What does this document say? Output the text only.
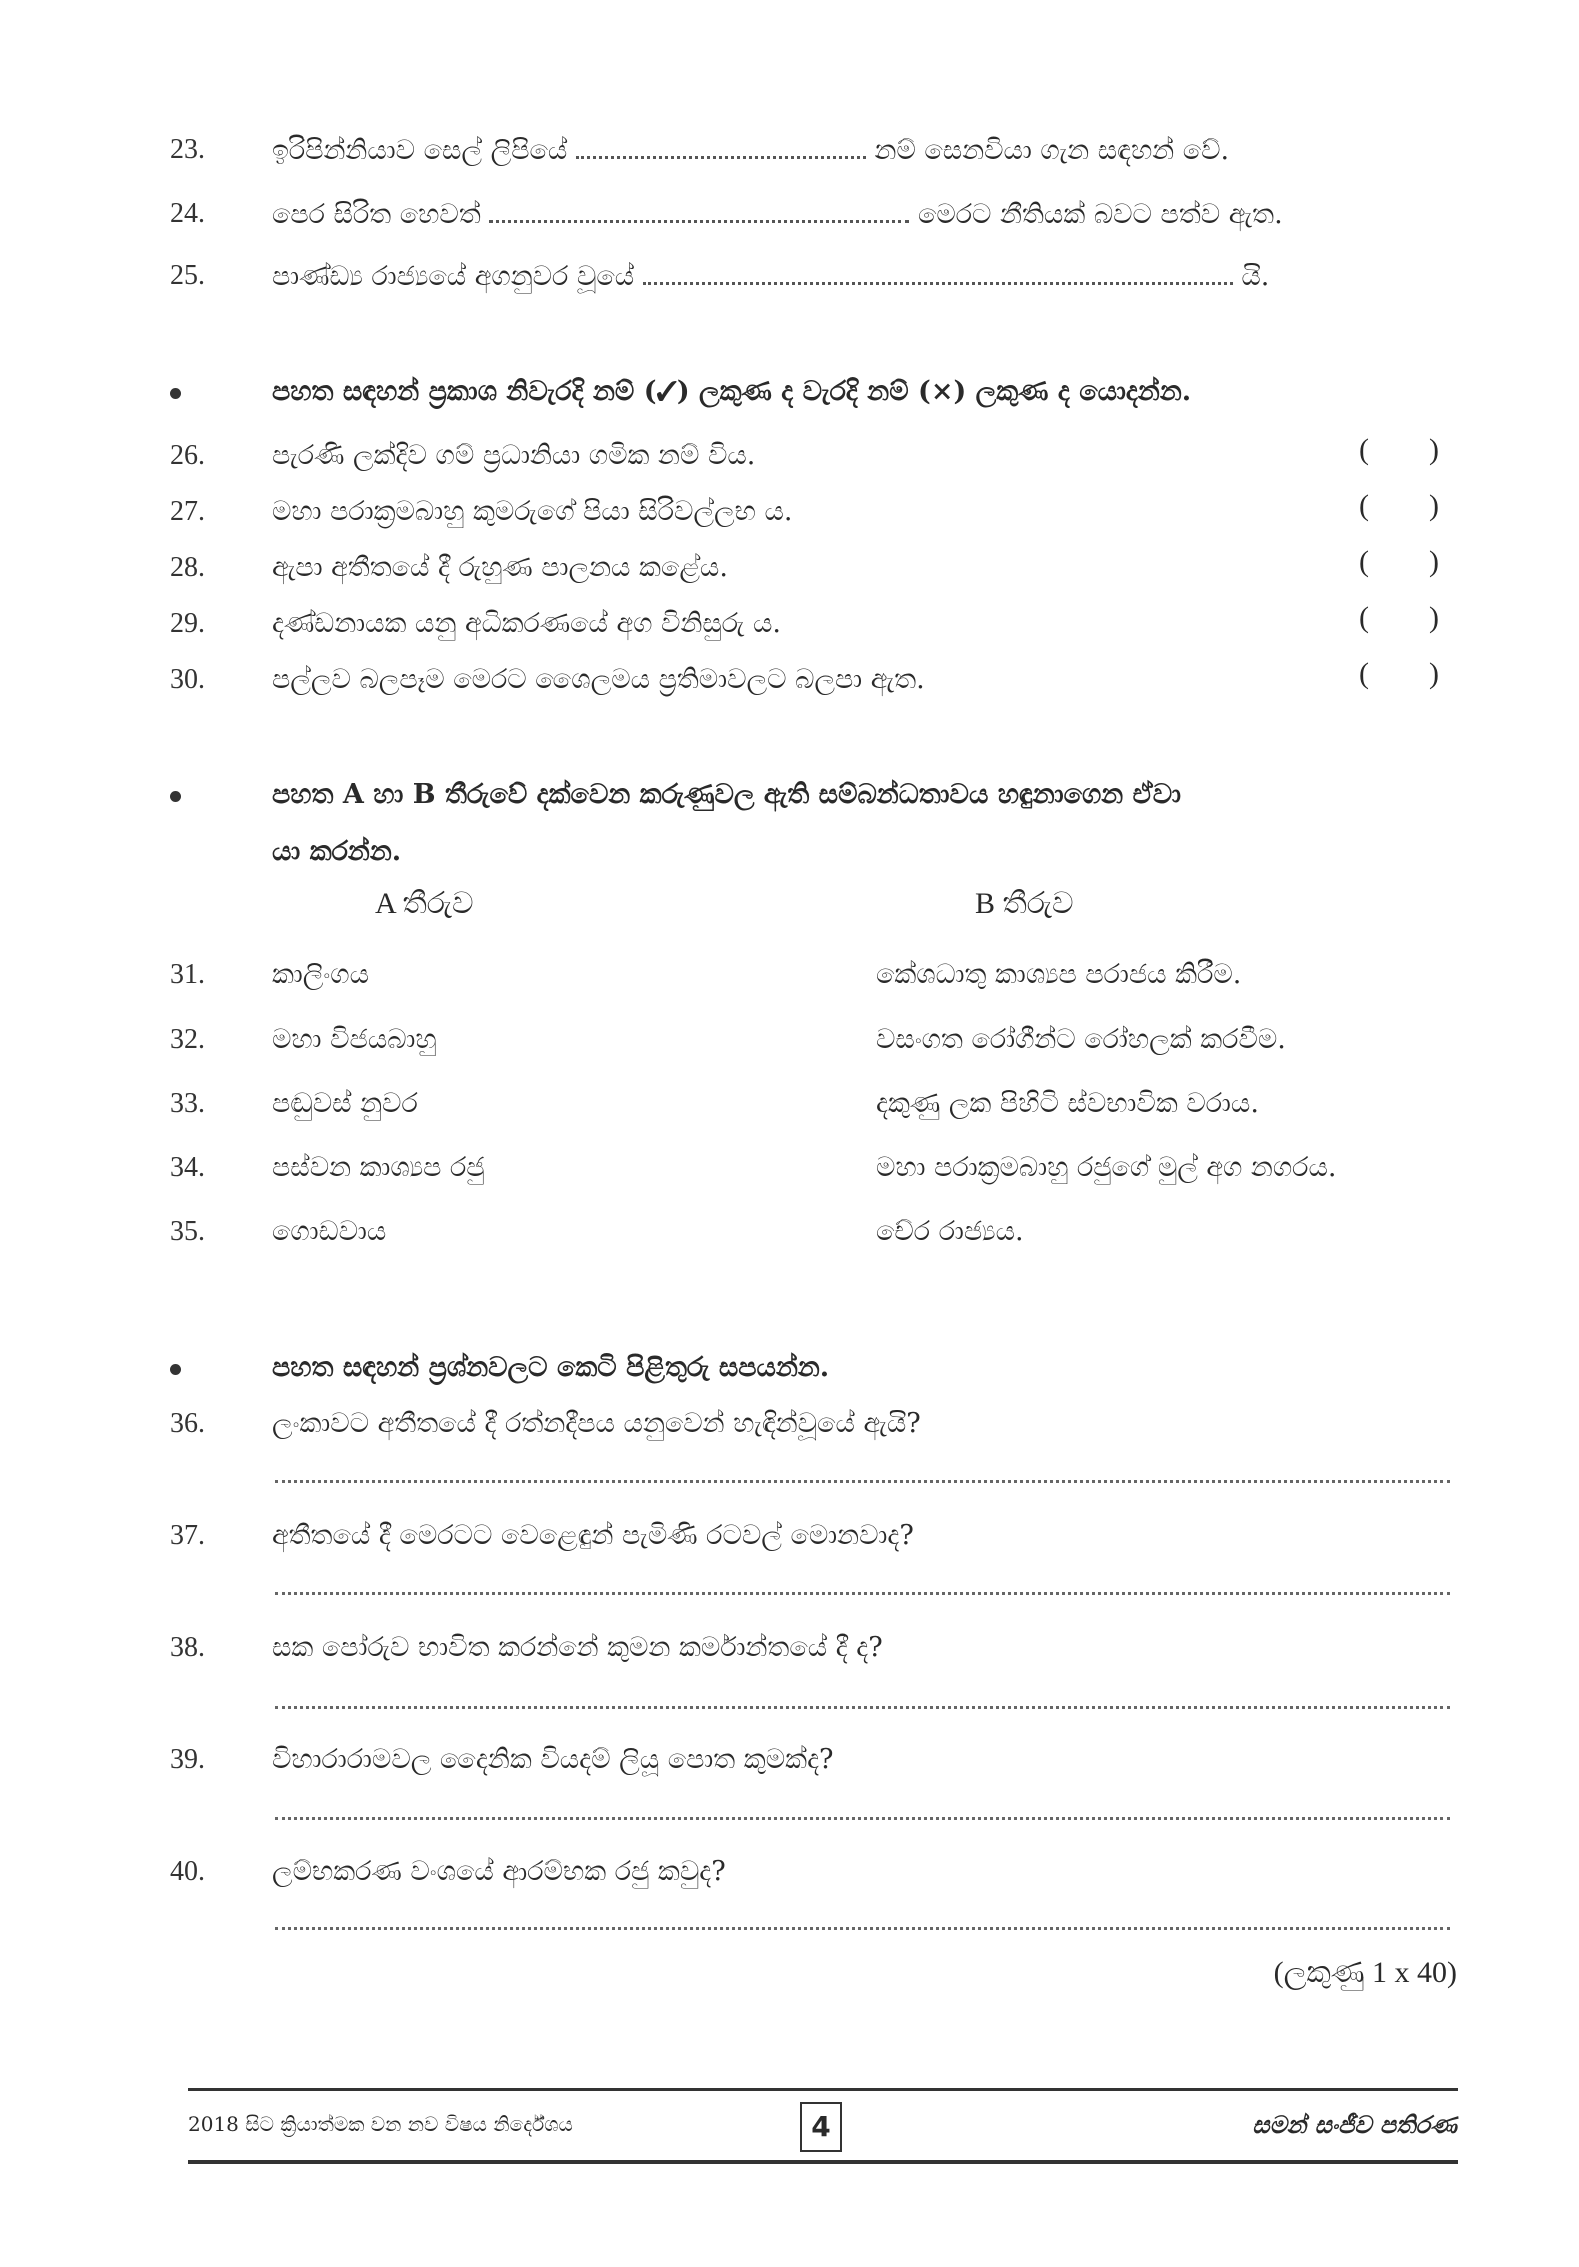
23.	ඉරිපින්නියාව සෙල් ලිපියේ	නම් සෙනවියා ගැන සඳහන් වේ.
24.	පෙර සිරිත හෙවත්	මෙරට නීතියක් බවට පත්ව ඇත.
25.	පාණ්ඩ්‍ය රාජ්‍යයේ අගනුවර වූයේ	යි.
පහත සඳහන් ප්‍රකාශ නිවැරදි නම් (✓) ලකුණ ද වැරදි නම් (×) ලකුණ ද යොදන්න.
26.	පැරණි ලක්දිව ගම් ප්‍රධානියා ගමික නම් විය.	( )
27.	මහා පරාක්‍රමබාහු කුමරුගේ පියා සිරිවල්ලභ ය.	( )
28.	ඇපා අතීතයේ දී රුහුණ පාලනය කළේය.	( )
29.	දණ්ඩනායක යනු අධිකරණයේ අග විනිසුරු ය.	( )
30.	පල්ලව බලපෑම මෙරට ශෛලමය ප්‍රතිමාවලට බලපා ඇත.	( )
පහත A හා B තීරුවේ දක්වෙන කරුණුවල ඇති සම්බන්ධතාවය හඳුනාගෙන ඒවා
යා කරන්න.
A තීරුව	B තීරුව
31.	කාලිංගය	කේශධාතු කාශ්‍යප පරාජය කිරීම.
32.	මහා විජයබාහු	වසංගත රෝගීන්ට රෝහලක් කරවීම.
33.	පඬුවස් නුවර	දකුණු ලක පිහිටි ස්වභාවික වරාය.
34.	පස්වන කාශ්‍යප රජු	මහා පරාක්‍රමබාහු රජුගේ මුල් අග නගරය.
35.	ගොඩවාය	චේර රාජ්‍යය.
පහත සඳහන් ප්‍රශ්නවලට කෙටි පිළිතුරු සපයන්න.
36.	ලංකාවට අතීතයේ දී රත්නදීපය යනුවෙන් හැඳින්වූයේ ඇයි?
37.	අතීතයේ දී මෙරටට වෙළෙඳුන් පැමිණි රටවල් මොනවාද?
38.	සක පෝරුව භාවිත කරන්නේ කුමන කර්මාන්තයේ දී ද?
39.	විහාරාරාමවල දෛනික වියදම් ලියූ පොත කුමක්ද?
40.	ලම්භකරණ වංශයේ ආරම්භක රජු කවුද?
(ලකුණු 1 x 40)
2018 සිට ක්‍රියාත්මක වන නව විෂය නිර්දේශය	4	සමන් සංජීව පතිරණ
